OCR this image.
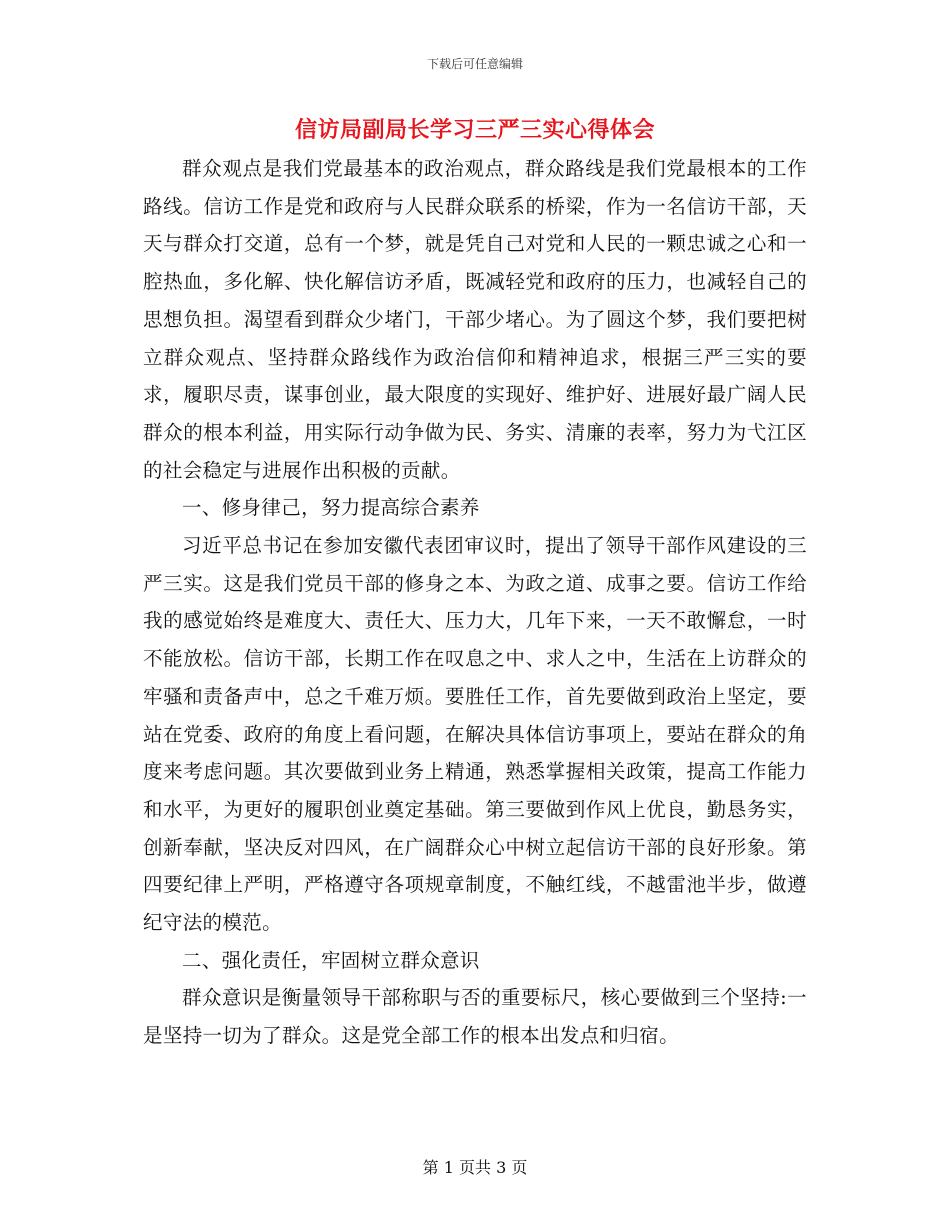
下载后可任意编辑
信访局副局长学习三严三实心得体会

群众观点是我们党最基本的政治观点，群众路线是我们党最根本的工作路线。信访工作是党和政府与人民群众联系的桥梁，作为一名信访干部，天天与群众打交道，总有一个梦，就是凭自己对党和人民的一颗忠诚之心和一腔热血，多化解、快化解信访矛盾，既减轻党和政府的压力，也减轻自己的思想负担。渴望看到群众少堵门，干部少堵心。为了圆这个梦，我们要把树立群众观点、坚持群众路线作为政治信仰和精神追求，根据三严三实的要求，履职尽责，谋事创业，最大限度的实现好、维护好、进展好最广阔人民群众的根本利益，用实际行动争做为民、务实、清廉的表率，努力为弋江区的社会稳定与进展作出积极的贡献。

一、修身律己，努力提高综合素养

习近平总书记在参加安徽代表团审议时，提出了领导干部作风建设的三严三实。这是我们党员干部的修身之本、为政之道、成事之要。信访工作给我的感觉始终是难度大、责任大、压力大，几年下来，一天不敢懈怠，一时不能放松。信访干部，长期工作在叹息之中、求人之中，生活在上访群众的牢骚和责备声中，总之千难万烦。要胜任工作，首先要做到政治上坚定，要站在党委、政府的角度上看问题，在解决具体信访事项上，要站在群众的角度来考虑问题。其次要做到业务上精通，熟悉掌握相关政策，提高工作能力和水平，为更好的履职创业奠定基础。第三要做到作风上优良，勤恳务实，创新奉献，坚决反对四风，在广阔群众心中树立起信访干部的良好形象。第四要纪律上严明，严格遵守各项规章制度，不触红线，不越雷池半步，做遵纪守法的模范。

二、强化责任，牢固树立群众意识

群众意识是衡量领导干部称职与否的重要标尺，核心要做到三个坚持:一是坚持一切为了群众。这是党全部工作的根本出发点和归宿。

第 1 页共 3 页
